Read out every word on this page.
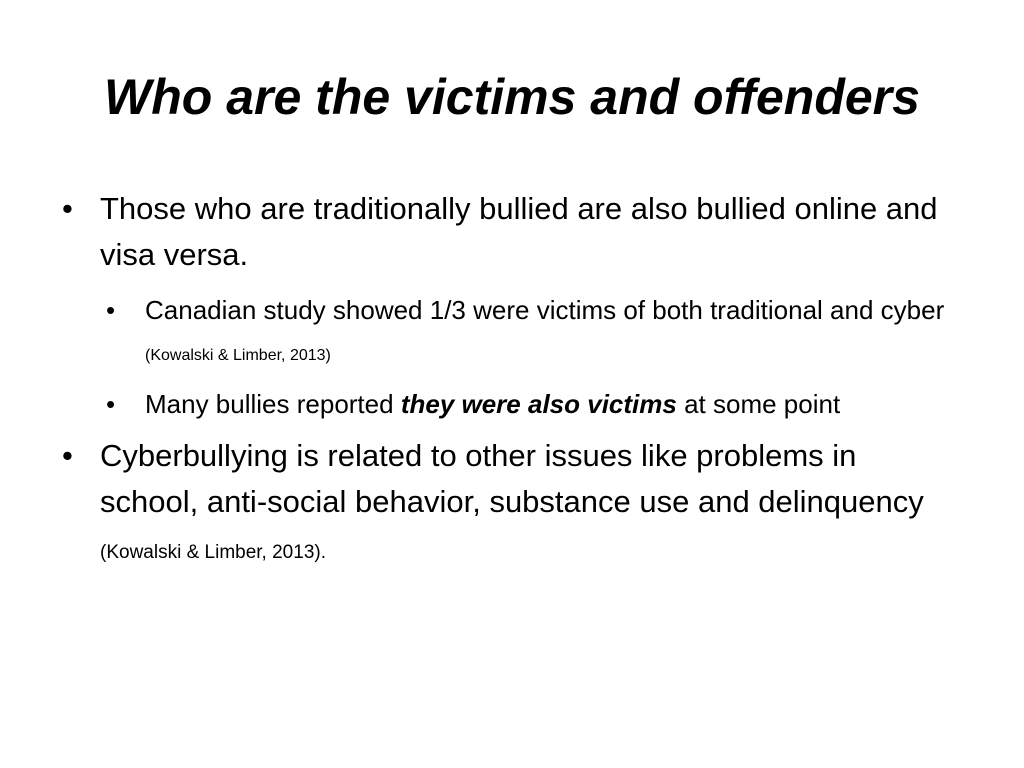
Who are the victims and offenders
• Those who are traditionally bullied are also bullied online and visa versa.
•	Canadian study showed 1/3 were victims of both traditional and cyber (Kowalski & Limber, 2013)
•	Many bullies reported they were also victims at some point
• Cyberbullying is related to other issues like problems in school, anti-social behavior, substance use and delinquency (Kowalski & Limber, 2013).
